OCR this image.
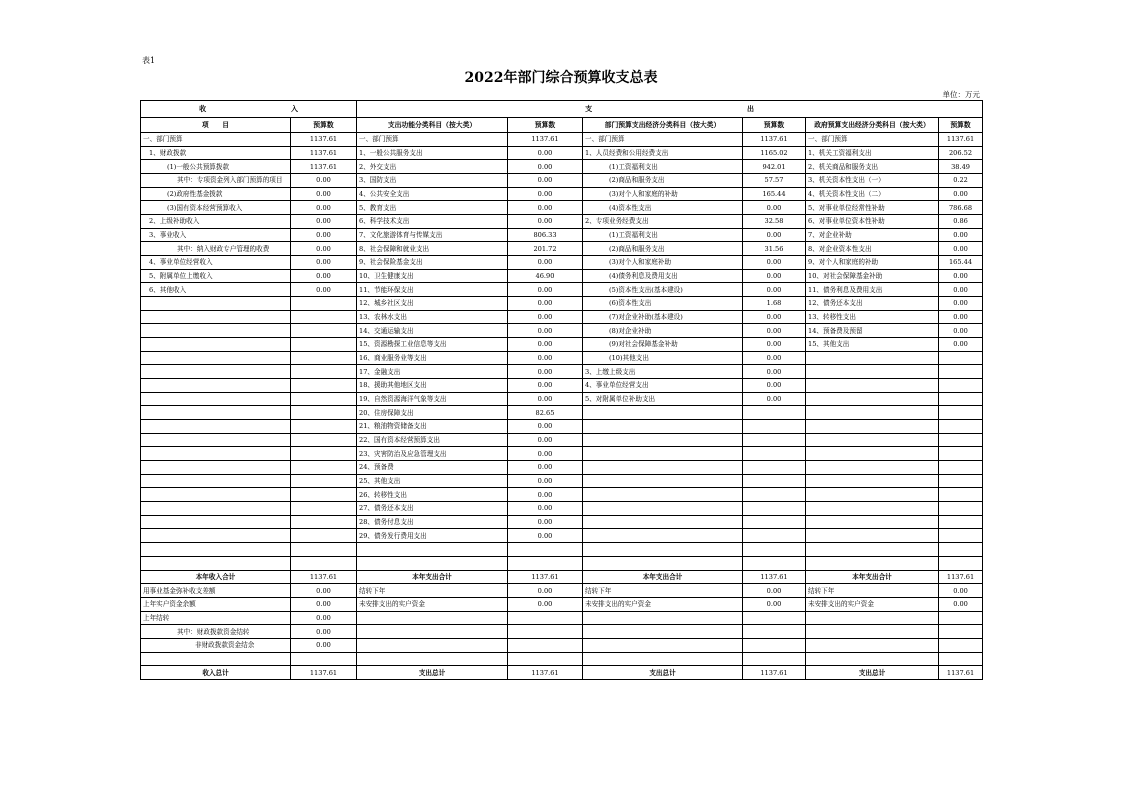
表1
2022年部门综合预算收支总表
单位：万元
收 入		支 出					
项　　目	预算数	支出功能分类科目（按大类）	预算数	部门预算支出经济分类科目（按大类）	预算数	政府预算支出经济分类科目（按大类）	预算数
一、部门预算	1137.61	一、部门预算	1137.61	一、部门预算	1137.61	一、部门预算	1137.61
1、财政拨款	1137.61	1、一般公共服务支出	0.00	1、人员经费和公用经费支出	1165.02	1、机关工资福利支出	206.52
(1)一般公共预算拨款	1137.61	2、外交支出	0.00	(1)工资福利支出	942.01	2、机关商品和服务支出	38.49
其中：专项资金列入部门预算的项目	0.00	3、国防支出	0.00	(2)商品和服务支出	57.57	3、机关资本性支出（一）	0.22
(2)政府性基金拨款	0.00	4、公共安全支出	0.00	(3)对个人和家庭的补助	165.44	4、机关资本性支出（二）	0.00
(3)国有资本经营预算收入	0.00	5、教育支出	0.00	(4)资本性支出	0.00	5、对事业单位经常性补助	786.68
2、上级补助收入	0.00	6、科学技术支出	0.00	2、专项业务经费支出	32.58	6、对事业单位资本性补助	0.86
3、事业收入	0.00	7、文化旅游体育与传媒支出	806.33	(1)工资福利支出	0.00	7、对企业补助	0.00
其中：纳入财政专户管理的收费	0.00	8、社会保障和就业支出	201.72	(2)商品和服务支出	31.56	8、对企业资本性支出	0.00
4、事业单位经营收入	0.00	9、社会保险基金支出	0.00	(3)对个人和家庭补助	0.00	9、对个人和家庭的补助	165.44
5、附属单位上缴收入	0.00	10、卫生健康支出	46.90	(4)债务利息及费用支出	0.00	10、对社会保障基金补助	0.00
6、其他收入	0.00	11、节能环保支出	0.00	(5)资本性支出(基本建设)	0.00	11、债务利息及费用支出	0.00
		12、城乡社区支出	0.00	(6)资本性支出	1.68	12、债务还本支出	0.00
		13、农林水支出	0.00	(7)对企业补助(基本建设)	0.00	13、转移性支出	0.00
		14、交通运输支出	0.00	(8)对企业补助	0.00	14、预备费及预留	0.00
		15、资源勘探工业信息等支出	0.00	(9)对社会保障基金补助	0.00	15、其他支出	0.00
		16、商业服务业等支出	0.00	(10)其他支出	0.00		
		17、金融支出	0.00	3、上缴上级支出	0.00		
		18、援助其他地区支出	0.00	4、事业单位经营支出	0.00		
		19、自然资源海洋气象等支出	0.00	5、对附属单位补助支出	0.00		
		20、住房保障支出	82.65				
		21、粮油物资储备支出	0.00				
		22、国有资本经营预算支出	0.00				
		23、灾害防治及应急管理支出	0.00				
		24、预备费	0.00				
		25、其他支出	0.00				
		26、转移性支出	0.00				
		27、债务还本支出	0.00				
		28、债务付息支出	0.00				
		29、债务发行费用支出	0.00				

本年收入合计	1137.61	本年支出合计	1137.61	本年支出合计	1137.61	本年支出合计	1137.61
用事业基金弥补收支差额	0.00	结转下年	0.00	结转下年	0.00	结转下年	0.00
上年实户资金余额	0.00	未安排支出的实户资金	0.00	未安排支出的实户资金	0.00	未安排支出的实户资金	0.00
上年结转	0.00						
其中：财政拨款资金结转	0.00						
非财政拨款资金结余	0.00						

收入总计	1137.61	支出总计	1137.61	支出总计	1137.61	支出总计	1137.61
